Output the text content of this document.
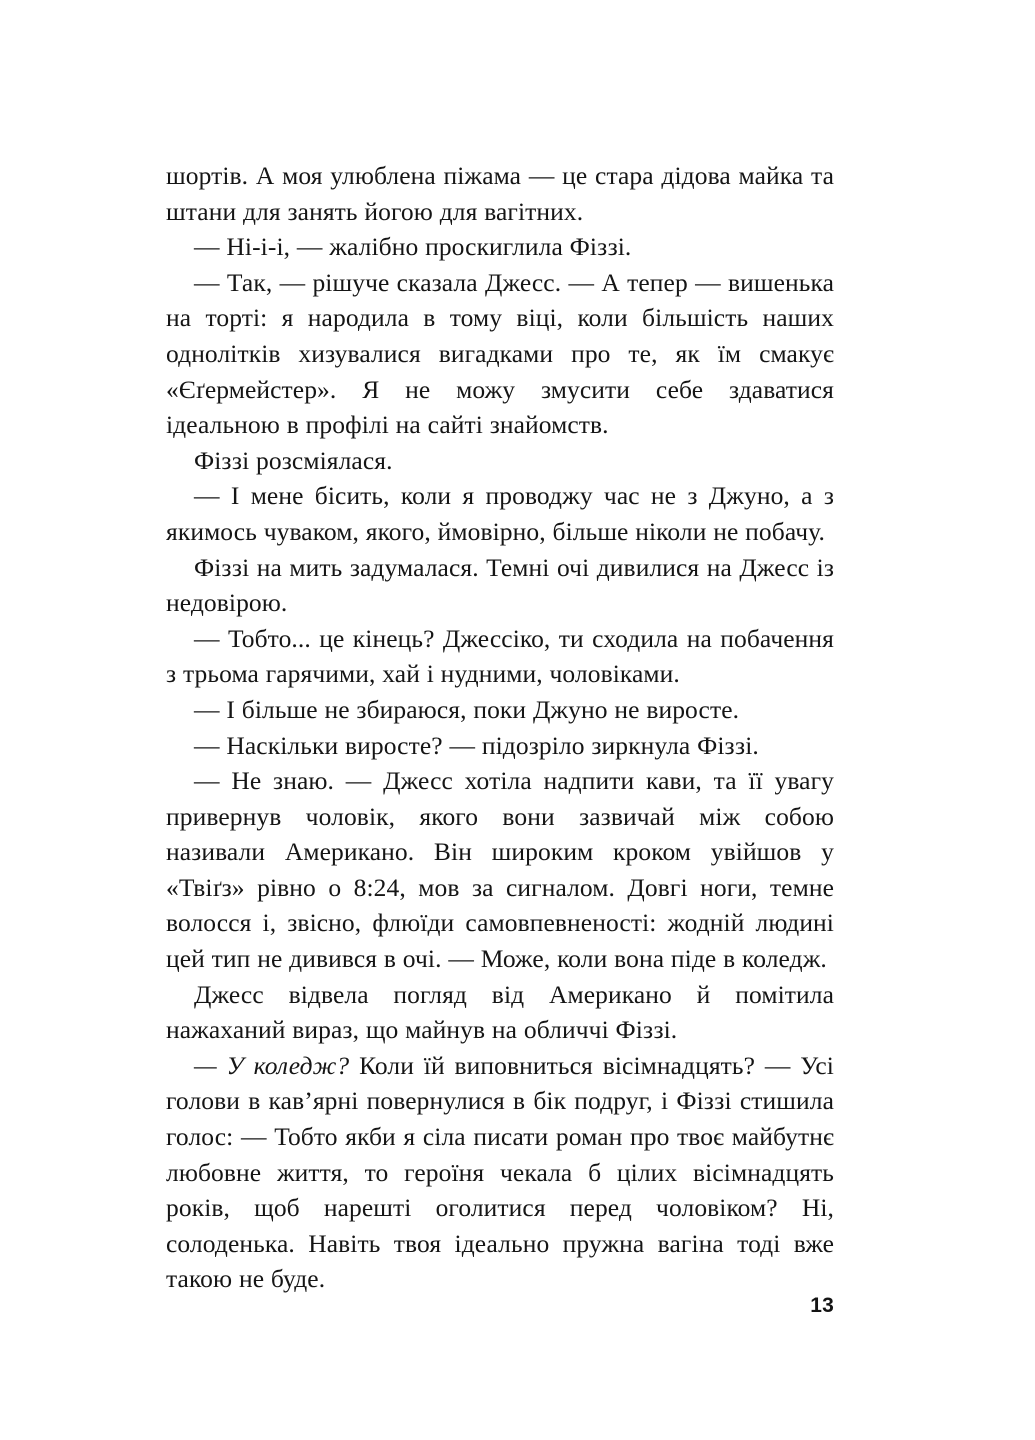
шортів. А моя улюблена піжама — це стара дідова майка та штани для занять йогою для вагітних.

— Ні-і-і, — жалібно проскиглила Фіззі.

— Так, — рішуче сказала Джесс. — А тепер — вишенька на торті: я народила в тому віці, коли більшість наших однолітків хизувалися вигадками про те, як їм смакує «Єґермейстер». Я не можу змусити себе здаватися ідеальною в профілі на сайті знайомств.

Фіззі розсміялася.

— І мене бісить, коли я проводжу час не з Джуно, а з якимось чуваком, якого, ймовірно, більше ніколи не побачу.

Фіззі на мить задумалася. Темні очі дивилися на Джесс із недовірою.

— Тобто... це кінець? Джессіко, ти сходила на побачення з трьома гарячими, хай і нудними, чоловіками.

— І більше не збираюся, поки Джуно не виросте.

— Наскільки виросте? — підозріло зиркнула Фіззі.

— Не знаю. — Джесс хотіла надпити кави, та її увагу привернув чоловік, якого вони зазвичай між собою називали Американо. Він широким кроком увійшов у «Твіґз» рівно о 8:24, мов за сигналом. Довгі ноги, темне волосся і, звісно, флюїди самовпевненості: жодній людині цей тип не дивився в очі. — Може, коли вона піде в коледж.

Джесс відвела погляд від Американо й помітила нажаханий вираз, що майнув на обличчі Фіззі.

— У коледж? Коли їй виповниться вісімнадцять? — Усі голови в кав’ярні повернулися в бік подруг, і Фіззі стишила голос: — Тобто якби я сіла писати роман про твоє майбутнє любовне життя, то героїня чекала б цілих вісімнадцять років, щоб нарешті оголитися перед чоловіком? Ні, солоденька. Навіть твоя ідеально пружна вагіна тоді вже такою не буде.

13
